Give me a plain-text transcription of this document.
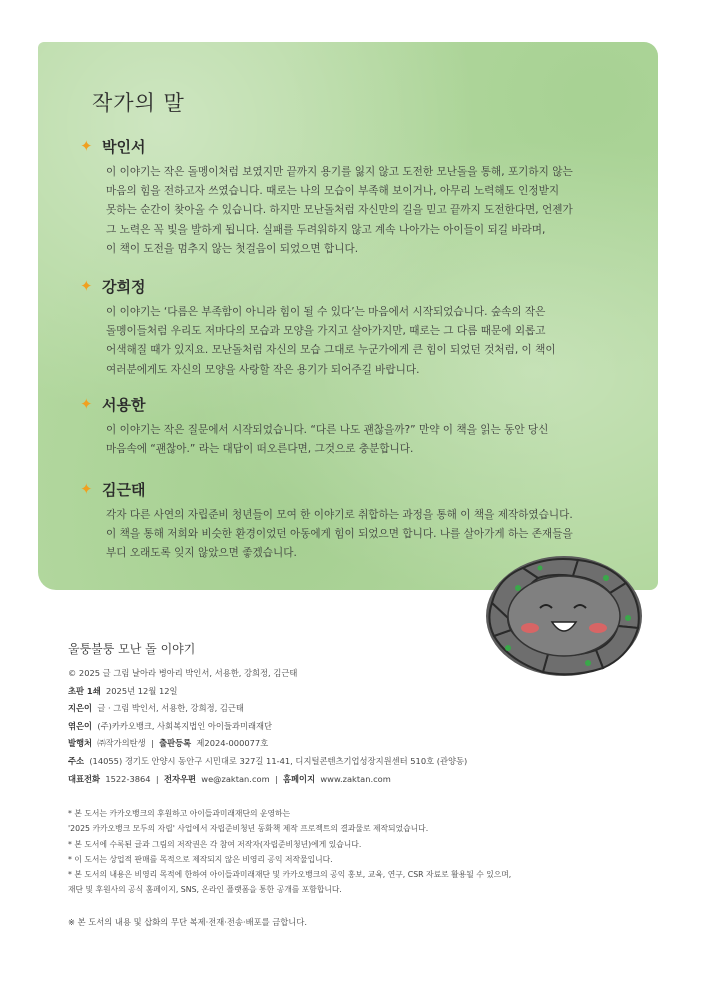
작가의 말
✦ 박인서
이 이야기는 작은 돌멩이처럼 보였지만 끝까지 용기를 잃지 않고 도전한 모난돌을 통해, 포기하지 않는
마음의 힘을 전하고자 쓰였습니다. 때로는 나의 모습이 부족해 보이거나, 아무리 노력해도 인정받지
못하는 순간이 찾아올 수 있습니다. 하지만 모난돌처럼 자신만의 길을 믿고 끝까지 도전한다면, 언젠가
그 노력은 꼭 빛을 발하게 됩니다. 실패를 두려워하지 않고 계속 나아가는 아이들이 되길 바라며,
이 책이 도전을 멈추지 않는 첫걸음이 되었으면 합니다.
✦ 강희정
이 이야기는 ‘다름은 부족함이 아니라 힘이 될 수 있다’는 마음에서 시작되었습니다. 숲속의 작은
돌멩이들처럼 우리도 저마다의 모습과 모양을 가지고 살아가지만, 때로는 그 다름 때문에 외롭고
어색해질 때가 있지요. 모난돌처럼 자신의 모습 그대로 누군가에게 큰 힘이 되었던 것처럼, 이 책이
여러분에게도 자신의 모양을 사랑할 작은 용기가 되어주길 바랍니다.
✦ 서용한
이 이야기는 작은 질문에서 시작되었습니다. “다른 나도 괜찮을까?” 만약 이 책을 읽는 동안 당신
마음속에 “괜찮아.” 라는 대답이 떠오른다면, 그것으로 충분합니다.
✦ 김근태
각자 다른 사연의 자립준비 청년들이 모여 한 이야기로 취합하는 과정을 통해 이 책을 제작하였습니다.
이 책을 통해 저희와 비슷한 환경이었던 아동에게 힘이 되었으면 합니다. 나를 살아가게 하는 존재들을
부디 오래도록 잊지 않았으면 좋겠습니다.
울퉁불퉁 모난 돌 이야기
© 2025 글 그림 날아라 병아리 박인서, 서용한, 강희정, 김근태
초판 1쇄 2025년 12월 12일
지은이 글 · 그림 박인서, 서용한, 강희정, 김근태
엮은이 (주)카카오뱅크, 사회복지법인 아이들과미래재단
발행처 ㈜작가의탄생  |  출판등록 제2024-000077호
주소 (14055) 경기도 안양시 동안구 시민대로 327길 11-41, 디지털콘텐츠기업성장지원센터 510호 (관양동)
대표전화 1522-3864  |  전자우편 we@zaktan.com  |  홈페이지 www.zaktan.com
* 본 도서는 카카오뱅크의 후원하고 아이들과미래재단의 운영하는
'2025 카카오뱅크 모두의 자립' 사업에서 자립준비청년 동화책 제작 프로젝트의 결과물로 제작되었습니다.
* 본 도서에 수록된 글과 그림의 저작권은 각 참여 저작자(자립준비청년)에게 있습니다.
* 이 도서는 상업적 판매를 목적으로 제작되지 않은 비영리 공익 저작물입니다.
* 본 도서의 내용은 비영리 목적에 한하여 아이들과미래재단 및 카카오뱅크의 공익 홍보, 교육, 연구, CSR 자료로 활용될 수 있으며,
재단 및 후원사의 공식 홈페이지, SNS, 온라인 플랫폼을 통한 공개를 포함합니다.
※ 본 도서의 내용 및 삽화의 무단 복제·전재·전송·배포를 금합니다.
